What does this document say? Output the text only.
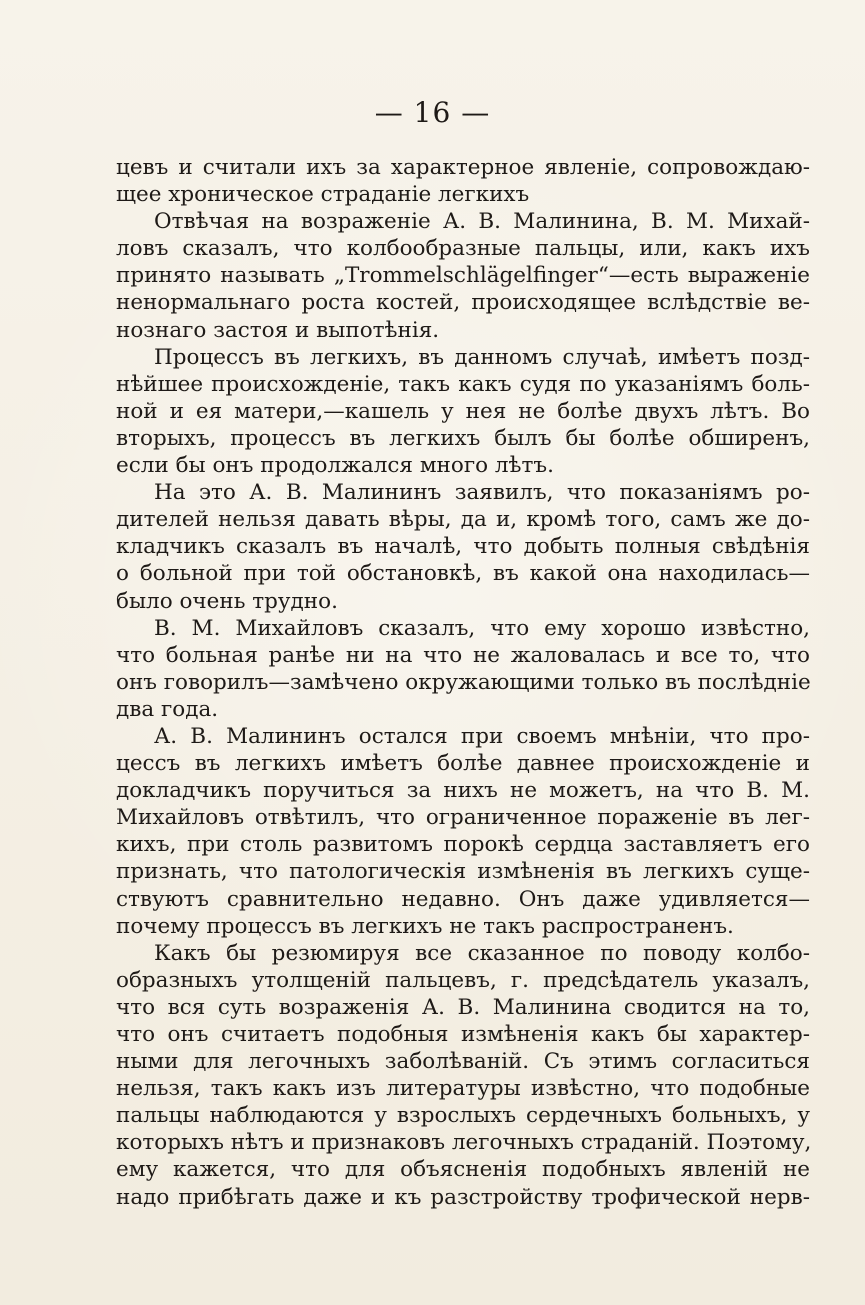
— 16 —
цевъ и считали ихъ за характерное явленіе, сопровождаю-
щее хроническое страданіе легкихъ
Отвѣчая на возраженіе А. В. Малинина, В. М. Михай-
ловъ сказалъ, что колбообразные пальцы, или, какъ ихъ
принято называть „Trommelsсhlägelfinger“—есть выраженіе
ненормальнаго роста костей, происходящее вслѣдствіе ве-
нознаго застоя и выпотѣнія.
Процессъ въ легкихъ, въ данномъ случаѣ, имѣетъ позд-
нѣйшее происхожденіе, такъ какъ судя по указаніямъ боль-
ной и ея матери,—кашель у нея не болѣе двухъ лѣтъ. Во
вторыхъ, процессъ въ легкихъ былъ бы болѣе обширенъ,
если бы онъ продолжался много лѣтъ.
На это А. В. Малининъ заявилъ, что показаніямъ ро-
дителей нельзя давать вѣры, да и, кромѣ того, самъ же до-
кладчикъ сказалъ въ началѣ, что добыть полныя свѣдѣнія
о больной при той обстановкѣ, въ какой она находилась—
было очень трудно.
В. М. Михайловъ сказалъ, что ему хорошо извѣстно,
что больная ранѣе ни на что не жаловалась и все то, что
онъ говорилъ—замѣчено окружающими только въ послѣдніе
два года.
А. В. Малининъ остался при своемъ мнѣніи, что про-
цессъ въ легкихъ имѣетъ болѣе давнее происхожденіе и
докладчикъ поручиться за нихъ не можетъ, на что В. М.
Михайловъ отвѣтилъ, что ограниченное пораженіе въ лег-
кихъ, при столь развитомъ порокѣ сердца заставляетъ его
признать, что патологическія измѣненія въ легкихъ суще-
ствуютъ сравнительно недавно. Онъ даже удивляется—
почему процессъ въ легкихъ не такъ распространенъ.
Какъ бы резюмируя все сказанное по поводу колбо-
образныхъ утолщеній пальцевъ, г. предсѣдатель указалъ,
что вся суть возраженія А. В. Малинина сводится на то,
что онъ считаетъ подобныя измѣненія какъ бы характер-
ными для легочныхъ заболѣваній. Съ этимъ согласиться
нельзя, такъ какъ изъ литературы извѣстно, что подобные
пальцы наблюдаются у взрослыхъ сердечныхъ больныхъ, у
которыхъ нѣтъ и признаковъ легочныхъ страданій. Поэтому,
ему кажется, что для объясненія подобныхъ явленій не
надо прибѣгать даже и къ разстройству трофической нерв-
